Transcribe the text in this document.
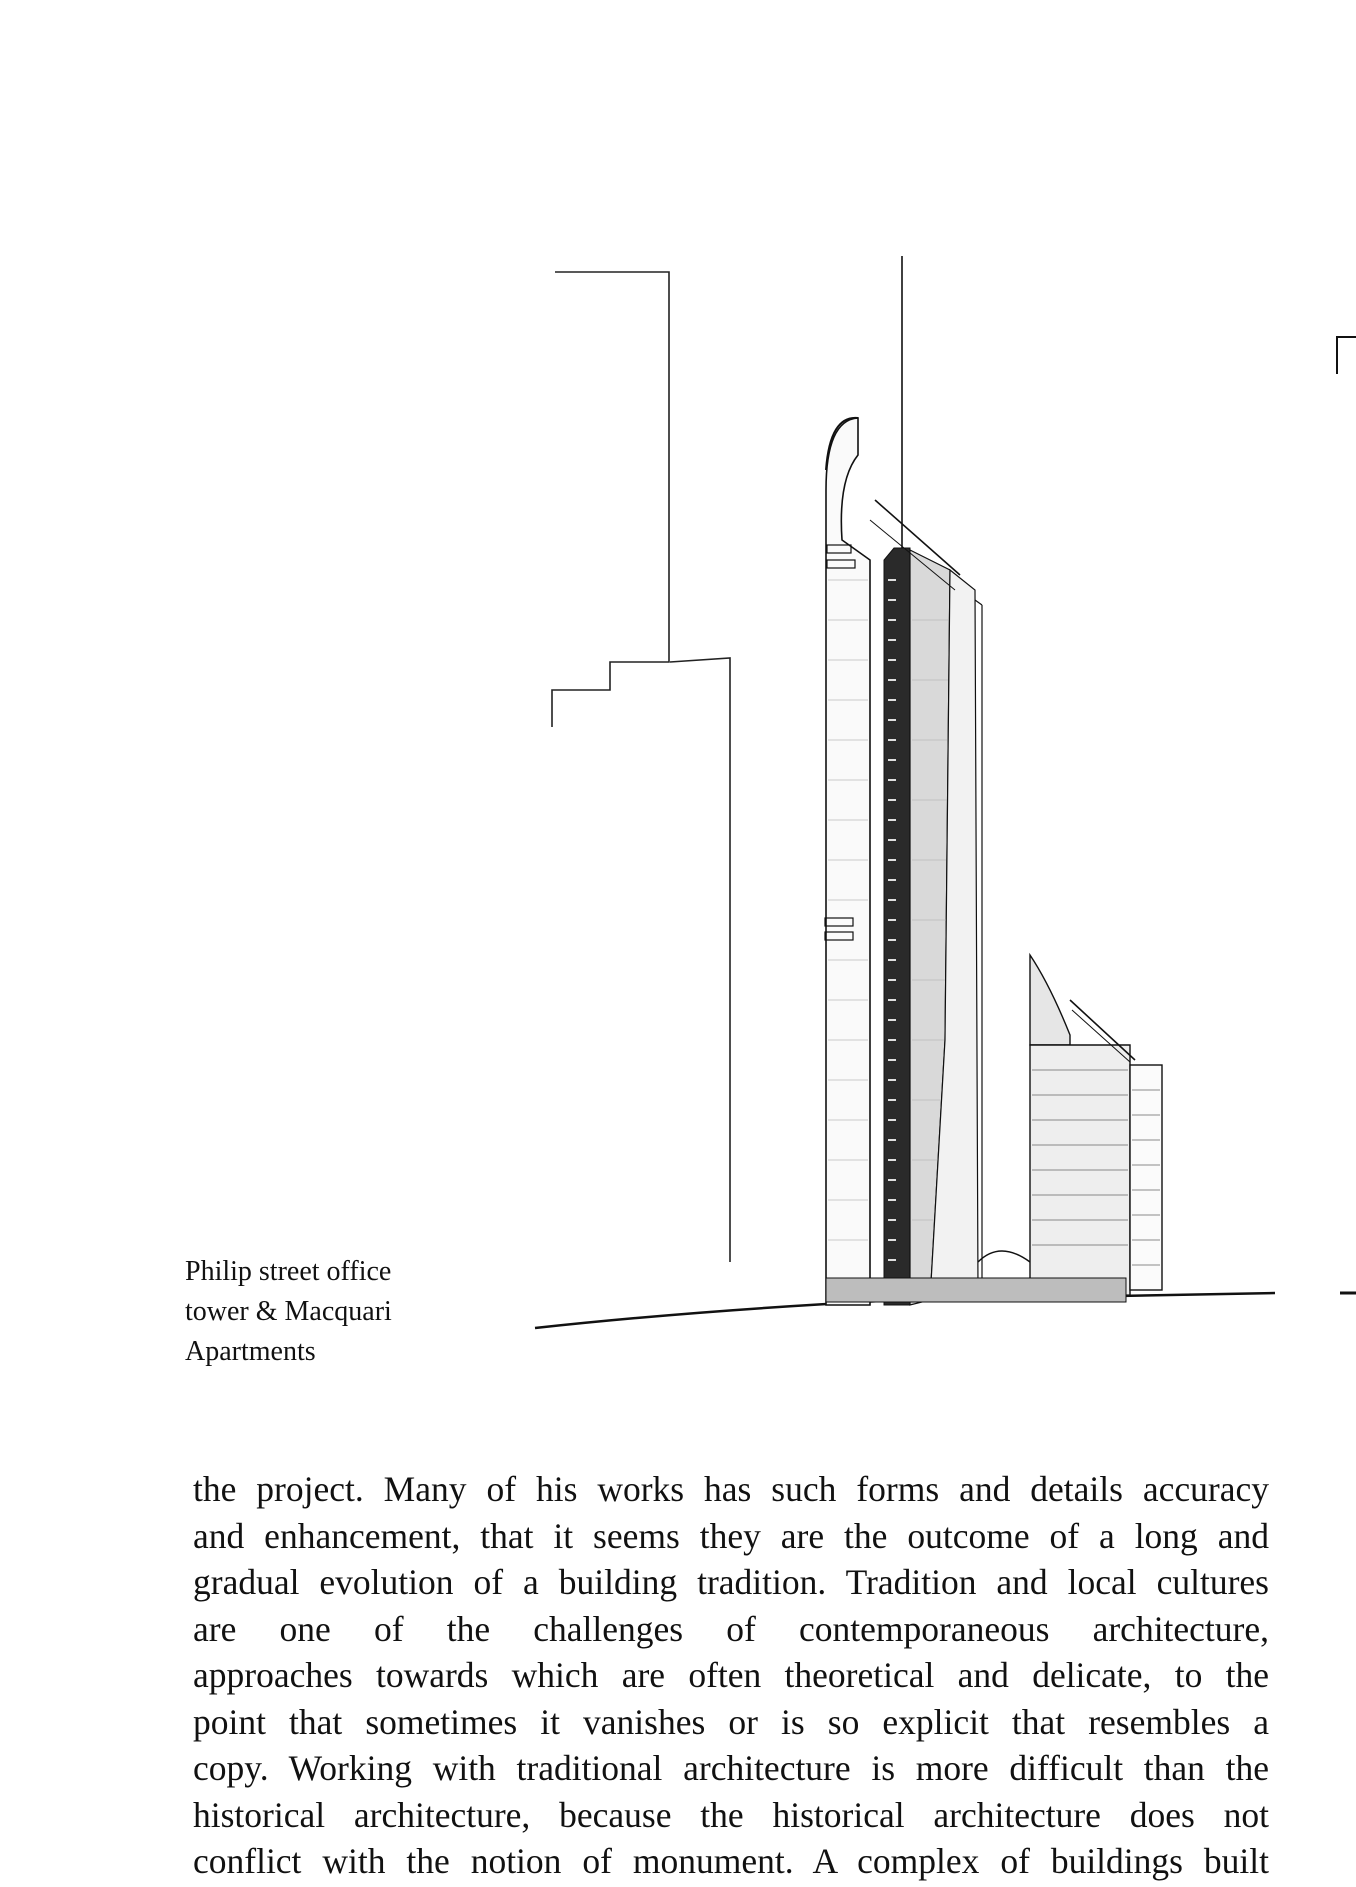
Philip street office
tower & Macquari
Apartments
the project. Many of his works has such forms and details accuracy
and enhancement, that it seems they are the outcome of a long and
gradual evolution of a building tradition. Tradition and local cultures
are one of the challenges of contemporaneous architecture,
approaches towards which are often theoretical and delicate, to the
point that sometimes it vanishes or is so explicit that resembles a
copy. Working with traditional architecture is more difficult than the
historical architecture, because the historical architecture does not
conflict with the notion of monument. A complex of buildings built
